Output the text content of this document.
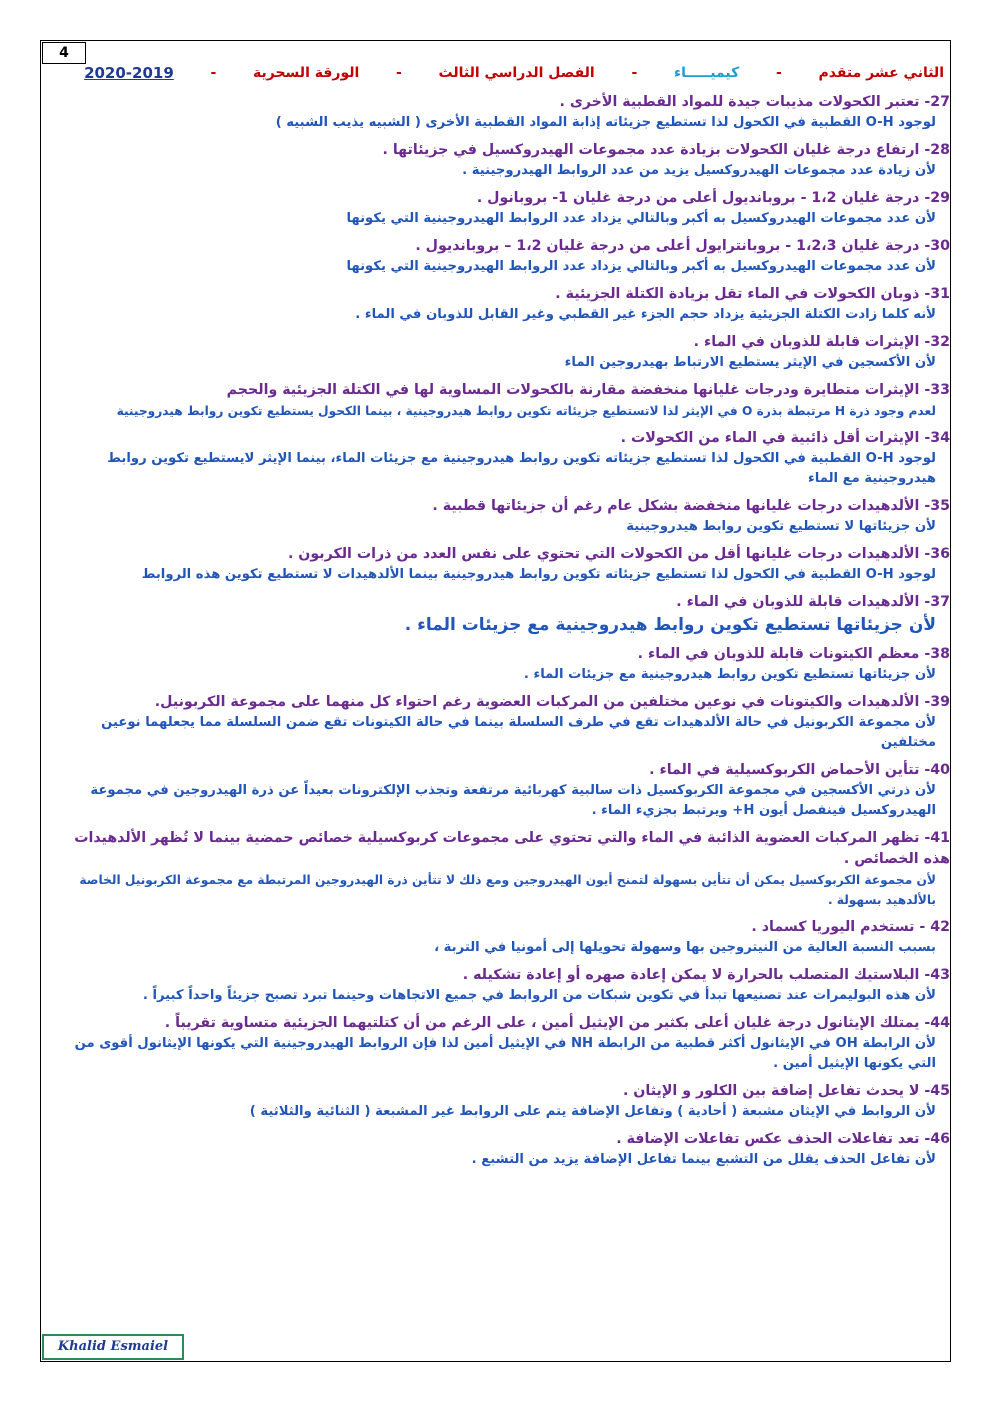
4
الثاني عشر متقدم
-
كيميـــــاء
-
الفصل الدراسي الثالث
-
الورقة السحرية
-
2020-2019
27- تعتبر الكحولات مذيبات جيدة للمواد القطبية الأخرى .
لوجود O-H القطبية في الكحول لذا تستطيع جزيئاته إذابة المواد القطبية الأخرى ( الشبيه يذيب الشبيه )
28- ارتفاع درجة غليان الكحولات بزيادة عدد مجموعات الهيدروكسيل في جزيئاتها .
لأن زيادة عدد مجموعات الهيدروكسيل يزيد من عدد الروابط الهيدروجينية .
29- درجة غليان 1،2 - بروبانديول أعلى من درجة غليان 1- بروبانول .
لأن عدد مجموعات الهيدروكسيل به أكبر وبالتالي يزداد عدد الروابط الهيدروجينية التي يكونها
30- درجة غليان 1،2،3 - بروبانترايول أعلى من درجة غليان 1،2 – بروبانديول .
لأن عدد مجموعات الهيدروكسيل به أكبر وبالتالي يزداد عدد الروابط الهيدروجينية التي يكونها
31- ذوبان الكحولات في الماء تقل بزيادة الكتلة الجزيئية .
لأنه كلما زادت الكتلة الجزيئية يزداد حجم الجزء غير القطبي وغير القابل للذوبان في الماء .
32- الإيثرات قابلة للذوبان في الماء .
لأن الأكسجين في الإيثر يستطيع الارتباط بهيدروجين الماء
33- الإيثرات متطايرة ودرجات غليانها منخفضة مقارنة بالكحولات المساوية لها في الكتلة الجزيئية والحجم
لعدم وجود ذرة H مرتبطة بذرة O في الإيثر لذا لاتستطيع جزيئاته تكوين روابط هيدروجينية ، بينما الكحول يستطيع تكوين روابط هيدروجينية
34- الإيثرات أقل ذائبية في الماء من الكحولات .
لوجود O-H القطبية في الكحول لذا تستطيع جزيئاته تكوين روابط هيدروجينية مع جزيئات الماء، بينما الإيثر لايستطيع تكوين روابط هيدروجينية مع الماء
35- الألدهيدات درجات غليانها منخفضة بشكل عام رغم أن جزيئاتها قطبية .
لأن جزيئاتها لا تستطيع تكوين روابط هيدروجينية
36- الألدهيدات درجات غليانها أقل من الكحولات التي تحتوي على نفس العدد من ذرات الكربون .
لوجود O-H القطبية في الكحول لذا تستطيع جزيئاته تكوين روابط هيدروجينية بينما الألدهيدات لا تستطيع تكوين هذه الروابط
37- الألدهيدات قابلة للذوبان في الماء .
لأن جزيئاتها تستطيع تكوين روابط هيدروجينية مع جزيئات الماء .
38- معظم الكيتونات قابلة للذوبان في الماء .
لأن جزيئاتها تستطيع تكوين روابط هيدروجينية مع جزيئات الماء .
39- الألدهيدات والكيتونات في نوعين مختلفين من المركبات العضوية رغم احتواء كل منهما على مجموعة الكربونيل.
لأن مجموعة الكربونيل في حالة الألدهيدات تقع في طرف السلسلة بينما في حالة الكيتونات تقع ضمن السلسلة مما يجعلهما نوعين مختلفين
40- تتأين الأحماض الكربوكسيلية في الماء .
لأن ذرتي الأكسجين في مجموعة الكربوكسيل ذات سالبية كهربائية مرتفعة وتجذب الإلكترونات بعيداً عن ذرة الهيدروجين في مجموعة الهيدروكسيل فينفصل أيون H+ ويرتبط بجزيء الماء .
41- تظهر المركبات العضوية الذائبة في الماء والتي تحتوي على مجموعات كربوكسيلية خصائص حمضية بينما لا تُظهر الألدهيدات هذه الخصائص .
لأن مجموعة الكربوكسيل يمكن أن تتأين بسهولة لتمنح أيون الهيدروجين ومع ذلك لا تتأين ذرة الهيدروجين المرتبطة مع مجموعة الكربونيل الخاصة بالألدهيد بسهولة .
42 - تستخدم اليوريا كسماد .
بسبب النسبة العالية من النيتروجين بها وسهولة تحويلها إلى أمونيا في التربة ،
43- البلاستيك المتصلب بالحرارة لا يمكن إعادة صهره أو إعادة تشكيله .
لأن هذه البوليمرات عند تصنيعها تبدأ في تكوين شبكات من الروابط في جميع الاتجاهات وحينما تبرد تصبح جزيئاً واحداً كبيراً .
44- يمتلك الإيثانول درجة غليان أعلى بكثير من الإيثيل أمين ، على الرغم من أن كتلتيهما الجزيئية متساوية تقريباً .
لأن الرابطة OH في الإيثانول أكثر قطبية من الرابطة NH في الإيثيل أمين لذا فإن الروابط الهيدروجينية التي يكونها الإيثانول أقوى من التي يكونها الإيثيل أمين .
45- لا يحدث تفاعل إضافة بين الكلور و الإيثان .
لأن الروابط في الإيثان مشبعة ( أحادية ) وتفاعل الإضافة يتم على الروابط غير المشبعة ( الثنائية والثلاثية )
46- تعد تفاعلات الحذف عكس تفاعلات الإضافة .
لأن تفاعل الحذف يقلل من التشبع بينما تفاعل الإضافة يزيد من التشبع .
Khalid Esmaiel
